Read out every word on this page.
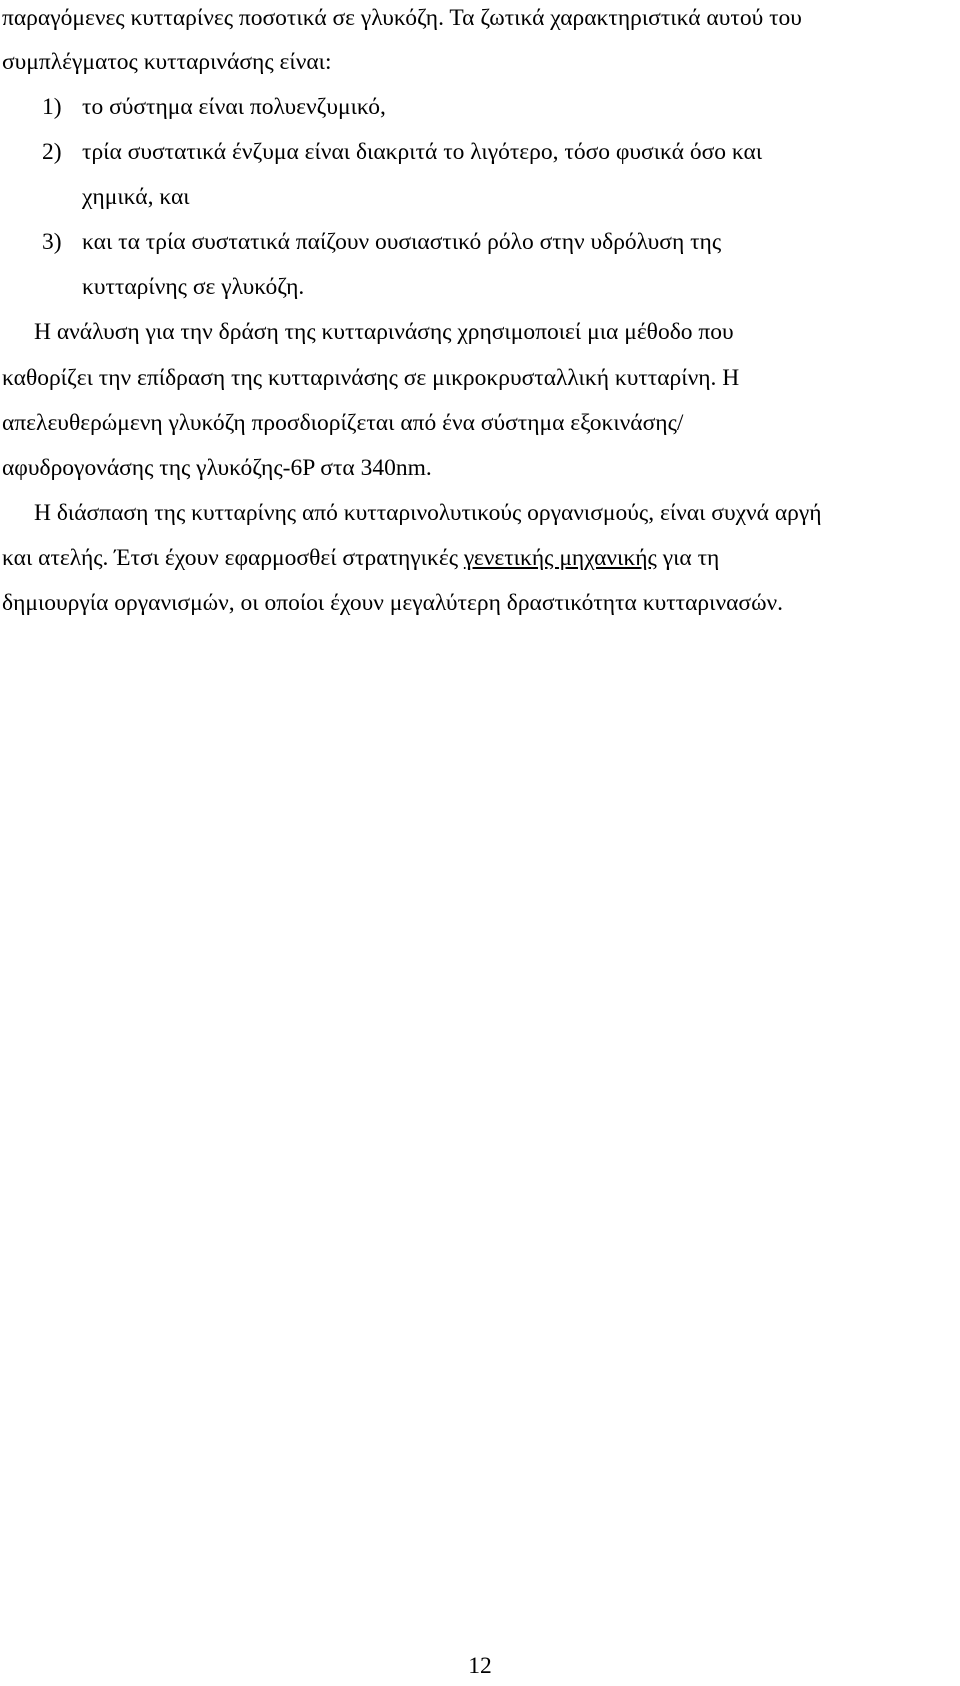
παραγόμενες κυτταρίνες ποσοτικά σε γλυκόζη. Τα ζωτικά χαρακτηριστικά αυτού του
συμπλέγματος κυτταρινάσης είναι:
1) το σύστημα είναι πολυενζυμικό,
2) τρία συστατικά ένζυμα είναι διακριτά το λιγότερο, τόσο φυσικά όσο και
χημικά, και
3) και τα τρία συστατικά παίζουν ουσιαστικό ρόλο στην υδρόλυση της
κυτταρίνης σε γλυκόζη.
Η ανάλυση για την δράση της κυτταρινάσης χρησιμοποιεί μια μέθοδο που
καθορίζει την επίδραση της κυτταρινάσης σε μικροκρυσταλλική κυτταρίνη. Η
απελευθερώμενη γλυκόζη προσδιορίζεται από ένα σύστημα εξοκινάσης/
αφυδρογονάσης της γλυκόζης-6P στα 340nm.
Η διάσπαση της κυτταρίνης από κυτταρινολυτικούς οργανισμούς, είναι συχνά αργή
και ατελής. Έτσι έχουν εφαρμοσθεί στρατηγικές γενετικής μηχανικής για τη
δημιουργία οργανισμών, οι οποίοι έχουν μεγαλύτερη δραστικότητα κυτταρινασών.
12
